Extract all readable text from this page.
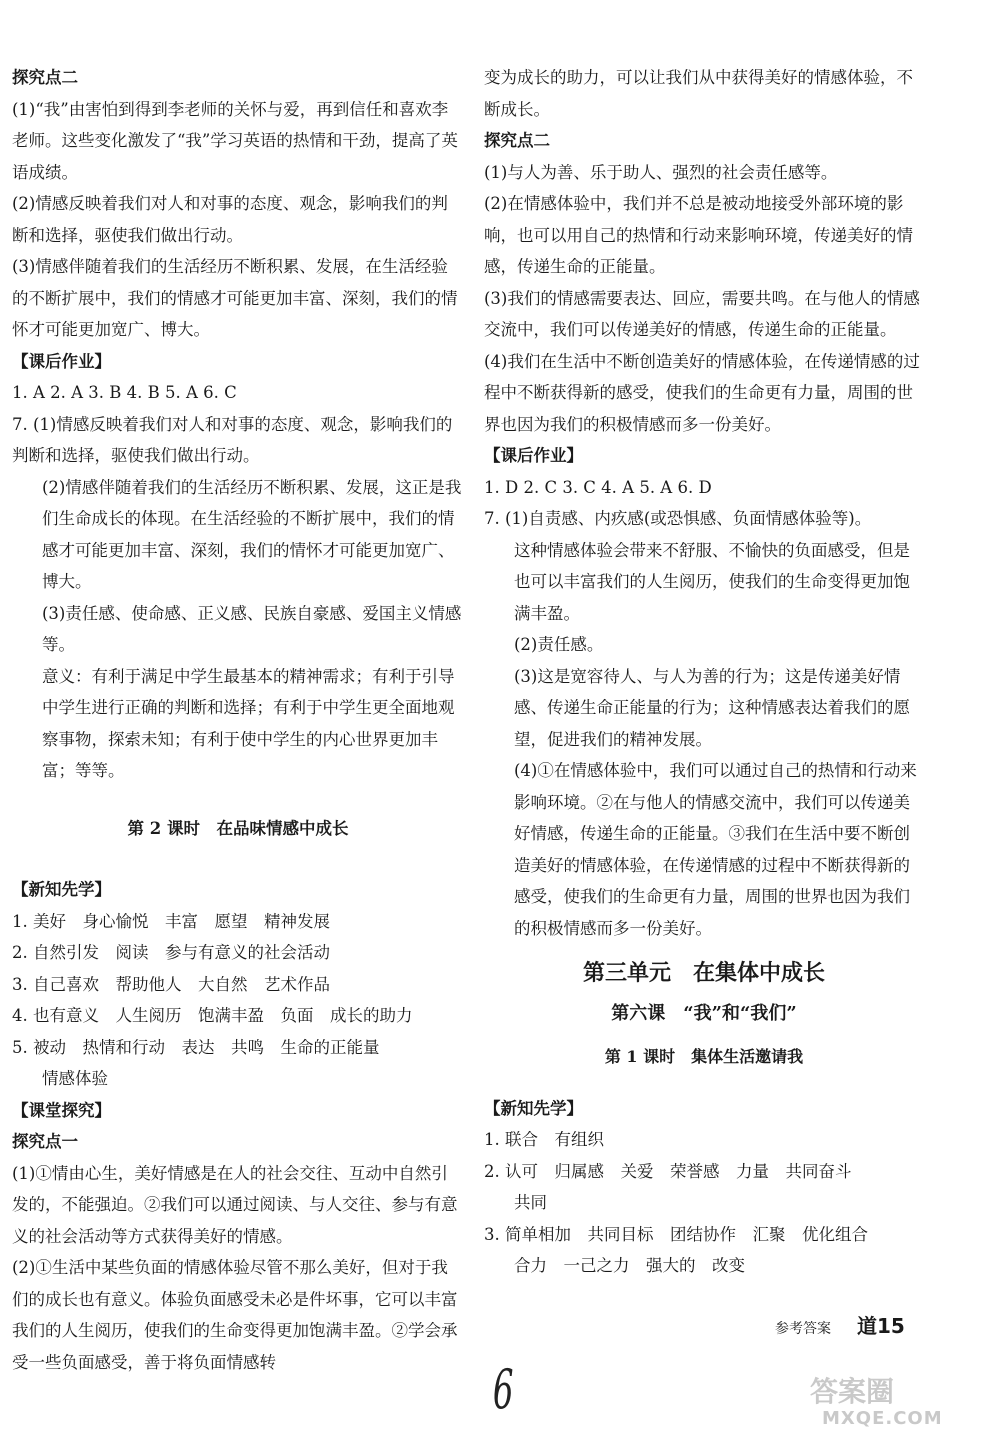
探究点二

(1)“我”由害怕到得到李老师的关怀与爱，再到信任和喜欢李老师。这些变化激发了“我”学习英语的热情和干劲，提高了英语成绩。

(2)情感反映着我们对人和对事的态度、观念，影响我们的判断和选择，驱使我们做出行动。

(3)情感伴随着我们的生活经历不断积累、发展，在生活经验的不断扩展中，我们的情感才可能更加丰富、深刻，我们的情怀才可能更加宽广、博大。

【课后作业】

1. A 2. A 3. B 4. B 5. A 6. C

7. (1)情感反映着我们对人和对事的态度、观念，影响我们的判断和选择，驱使我们做出行动。

(2)情感伴随着我们的生活经历不断积累、发展，这正是我们生命成长的体现。在生活经验的不断扩展中，我们的情感才可能更加丰富、深刻，我们的情怀才可能更加宽广、博大。

(3)责任感、使命感、正义感、民族自豪感、爱国主义情感等。

意义：有利于满足中学生最基本的精神需求；有利于引导中学生进行正确的判断和选择；有利于中学生更全面地观察事物，探索未知；有利于使中学生的内心世界更加丰富；等等。

第 2 课时　在品味情感中成长

【新知先学】

1. 美好　身心愉悦　丰富　愿望　精神发展

2. 自然引发　阅读　参与有意义的社会活动

3. 自己喜欢　帮助他人　大自然　艺术作品

4. 也有意义　人生阅历　饱满丰盈　负面　成长的助力

5. 被动　热情和行动　表达　共鸣　生命的正能量

情感体验

【课堂探究】

探究点一

(1)①情由心生，美好情感是在人的社会交往、互动中自然引发的，不能强迫。②我们可以通过阅读、与人交往、参与有意义的社会活动等方式获得美好的情感。

(2)①生活中某些负面的情感体验尽管不那么美好，但对于我们的成长也有意义。体验负面感受未必是件坏事，它可以丰富我们的人生阅历，使我们的生命变得更加饱满丰盈。②学会承受一些负面感受，善于将负面情感转

变为成长的助力，可以让我们从中获得美好的情感体验，不断成长。

探究点二

(1)与人为善、乐于助人、强烈的社会责任感等。

(2)在情感体验中，我们并不总是被动地接受外部环境的影响，也可以用自己的热情和行动来影响环境，传递美好的情感，传递生命的正能量。

(3)我们的情感需要表达、回应，需要共鸣。在与他人的情感交流中，我们可以传递美好的情感，传递生命的正能量。

(4)我们在生活中不断创造美好的情感体验，在传递情感的过程中不断获得新的感受，使我们的生命更有力量，周围的世界也因为我们的积极情感而多一份美好。

【课后作业】

1. D 2. C 3. C 4. A 5. A 6. D

7. (1)自责感、内疚感(或恐惧感、负面情感体验等)。

这种情感体验会带来不舒服、不愉快的负面感受，但是也可以丰富我们的人生阅历，使我们的生命变得更加饱满丰盈。

(2)责任感。

(3)这是宽容待人、与人为善的行为；这是传递美好情感、传递生命正能量的行为；这种情感表达着我们的愿望，促进我们的精神发展。

(4)①在情感体验中，我们可以通过自己的热情和行动来影响环境。②在与他人的情感交流中，我们可以传递美好情感，传递生命的正能量。③我们在生活中要不断创造美好的情感体验，在传递情感的过程中不断获得新的感受，使我们的生命更有力量，周围的世界也因为我们的积极情感而多一份美好。

第三单元　在集体中成长

第六课　“我”和“我们”

第 1 课时　集体生活邀请我

【新知先学】

1. 联合　有组织

2. 认可　归属感　关爱　荣誉感　力量　共同奋斗

共同

3. 简单相加　共同目标　团结协作　汇聚　优化组合

合力　一己之力　强大的　改变

参考答案 道15
6	答案圈
MXQE.COM
